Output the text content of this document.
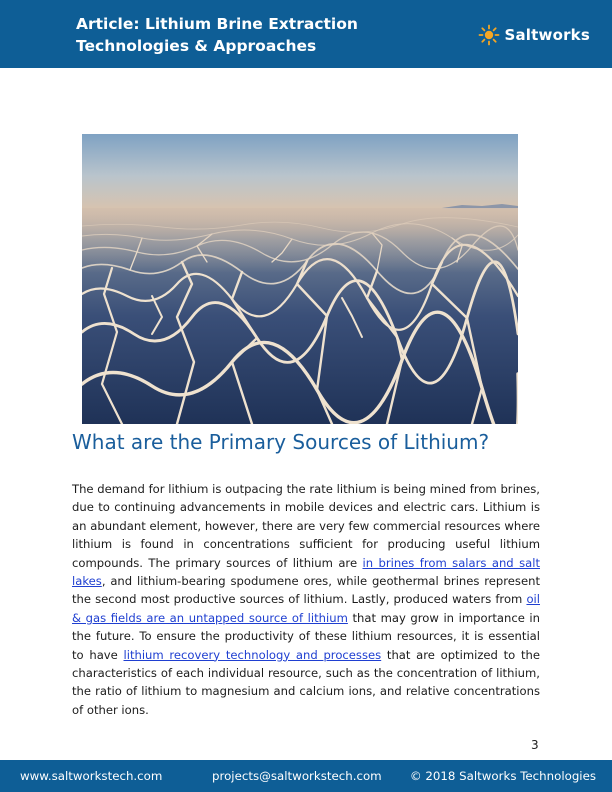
Article: Lithium Brine Extraction
Technologies & Approaches
Saltworks
What are the Primary Sources of Lithium?

The demand for lithium is outpacing the rate lithium is being mined from brines, due to continuing advancements in mobile devices and electric cars. Lithium is an abundant element, however, there are very few commercial resources where lithium is found in concentrations sufficient for producing useful lithium compounds. The primary sources of lithium are in brines from salars and salt lakes, and lithium-bearing spodumene ores, while geothermal brines represent the second most productive sources of lithium. Lastly, produced waters from oil & gas fields are an untapped source of lithium that may grow in importance in the future. To ensure the productivity of these lithium resources, it is essential to have lithium recovery technology and processes that are optimized to the characteristics of each individual resource, such as the concentration of lithium, the ratio of lithium to magnesium and calcium ions, and relative concentrations of other ions.

3
www.saltworkstech.com	projects@saltworkstech.com © 2018 Saltworks Technologies
